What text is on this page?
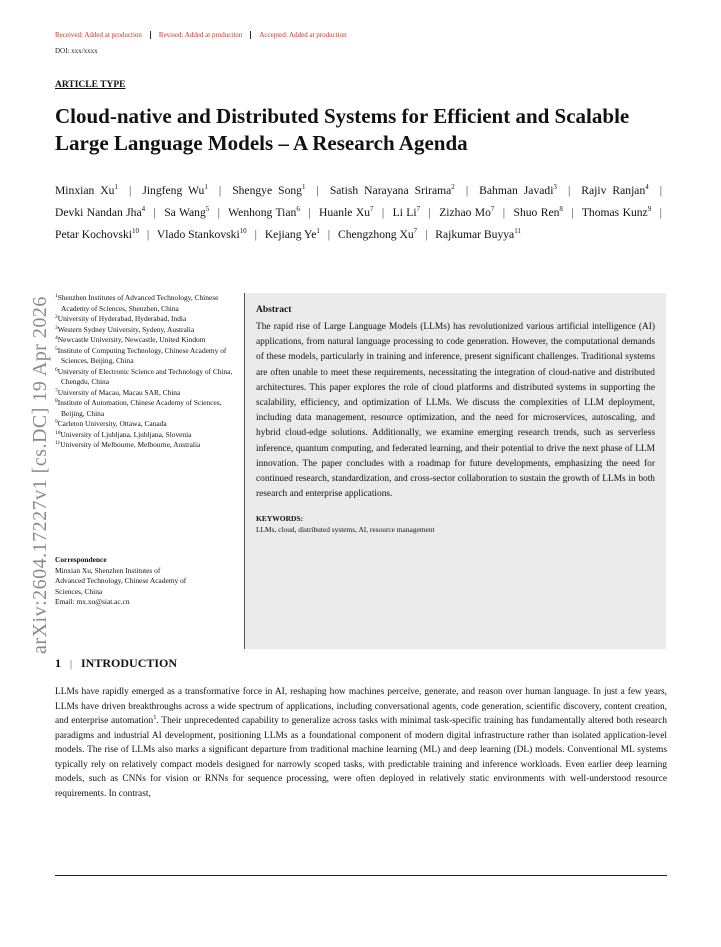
Received: Added at production	Revised: Added at production	Accepted: Added at production
DOI: xxx/xxxx
arXiv:2604.17227v1 [cs.DC] 19 Apr 2026
ARTICLE TYPE
Cloud-native and Distributed Systems for Efficient and Scalable Large Language Models – A Research Agenda
Minxian Xu$^1$ | Jingfeng Wu$^1$ | Shengye Song$^1$ | Satish Narayana Srirama$^2$ | Bahman Javadi$^3$ | Rajiv Ranjan$^4$ | Devki Nandan Jha$^4$ | Sa Wang$^5$ | Wenhong Tian$^6$ | Huanle Xu$^7$ | Li Li$^7$ | Zizhao Mo$^7$ | Shuo Ren$^8$ | Thomas Kunz$^9$ | Petar Kochovski$^{10}$ | Vlado Stankovski$^{10}$ | Kejiang Ye$^1$ | Chengzhong Xu$^7$ | Rajkumar Buyya$^{11}$
$^1$Shenzhen Institutes of Advanced Technology, Chinese Academy of Sciences, Shenzhen, China
$^2$University of Hyderabad, Hyderabad, India
$^3$Western Sydney University, Sydeny, Australia
$^4$Newcastle University, Newcastle, United Kindom
$^5$Institute of Computing Technology, Chinese Academy of Sciences, Beijing, China
$^6$University of Electronic Science and Technology of China, Chengdu, China
$^7$University of Macau, Macau SAR, China
$^8$Institute of Automation, Chinese Academy of Sciences, Beijing, China
$^9$Carleton University, Ottawa, Canada
$^{10}$University of Ljubljana, Ljubljana, Slovenia
$^{11}$University of Melbourne, Melbourne, Australia
Correspondence
Minxian Xu, Shenzhen Institutes of
Advanced Technology, Chinese Academy of
Sciences, China
Email: mx.xu@siat.ac.cn
Abstract
The rapid rise of Large Language Models (LLMs) has revolutionized various artificial intelligence (AI) applications, from natural language processing to code generation. However, the computational demands of these models, particularly in training and inference, present significant challenges. Traditional systems are often unable to meet these requirements, necessitating the integration of cloud-native and distributed architectures. This paper explores the role of cloud platforms and distributed systems in supporting the scalability, efficiency, and optimization of LLMs. We discuss the complexities of LLM deployment, including data management, resource optimization, and the need for microservices, autoscaling, and hybrid cloud-edge solutions. Additionally, we examine emerging research trends, such as serverless inference, quantum computing, and federated learning, and their potential to drive the next phase of LLM innovation. The paper concludes with a roadmap for future developments, emphasizing the need for continued research, standardization, and cross-sector collaboration to sustain the growth of LLMs in both research and enterprise applications.
KEYWORDS:
LLMs, cloud, distributed systems, AI, resource management
1 | INTRODUCTION

LLMs have rapidly emerged as a transformative force in AI, reshaping how machines perceive, generate, and reason over human language. In just a few years, LLMs have driven breakthroughs across a wide spectrum of applications, including conversational agents, code generation, scientific discovery, content creation, and enterprise automation$^1$. Their unprecedented capability to generalize across tasks with minimal task-specific training has fundamentally altered both research paradigms and industrial AI development, positioning LLMs as a foundational component of modern digital infrastructure rather than isolated application-level models. The rise of LLMs also marks a significant departure from traditional machine learning (ML) and deep learning (DL) models. Conventional ML systems typically rely on relatively compact models designed for narrowly scoped tasks, with predictable training and inference workloads. Even earlier deep learning models, such as CNNs for vision or RNNs for sequence processing, were often deployed in relatively static environments with well-understood resource requirements. In contrast,
